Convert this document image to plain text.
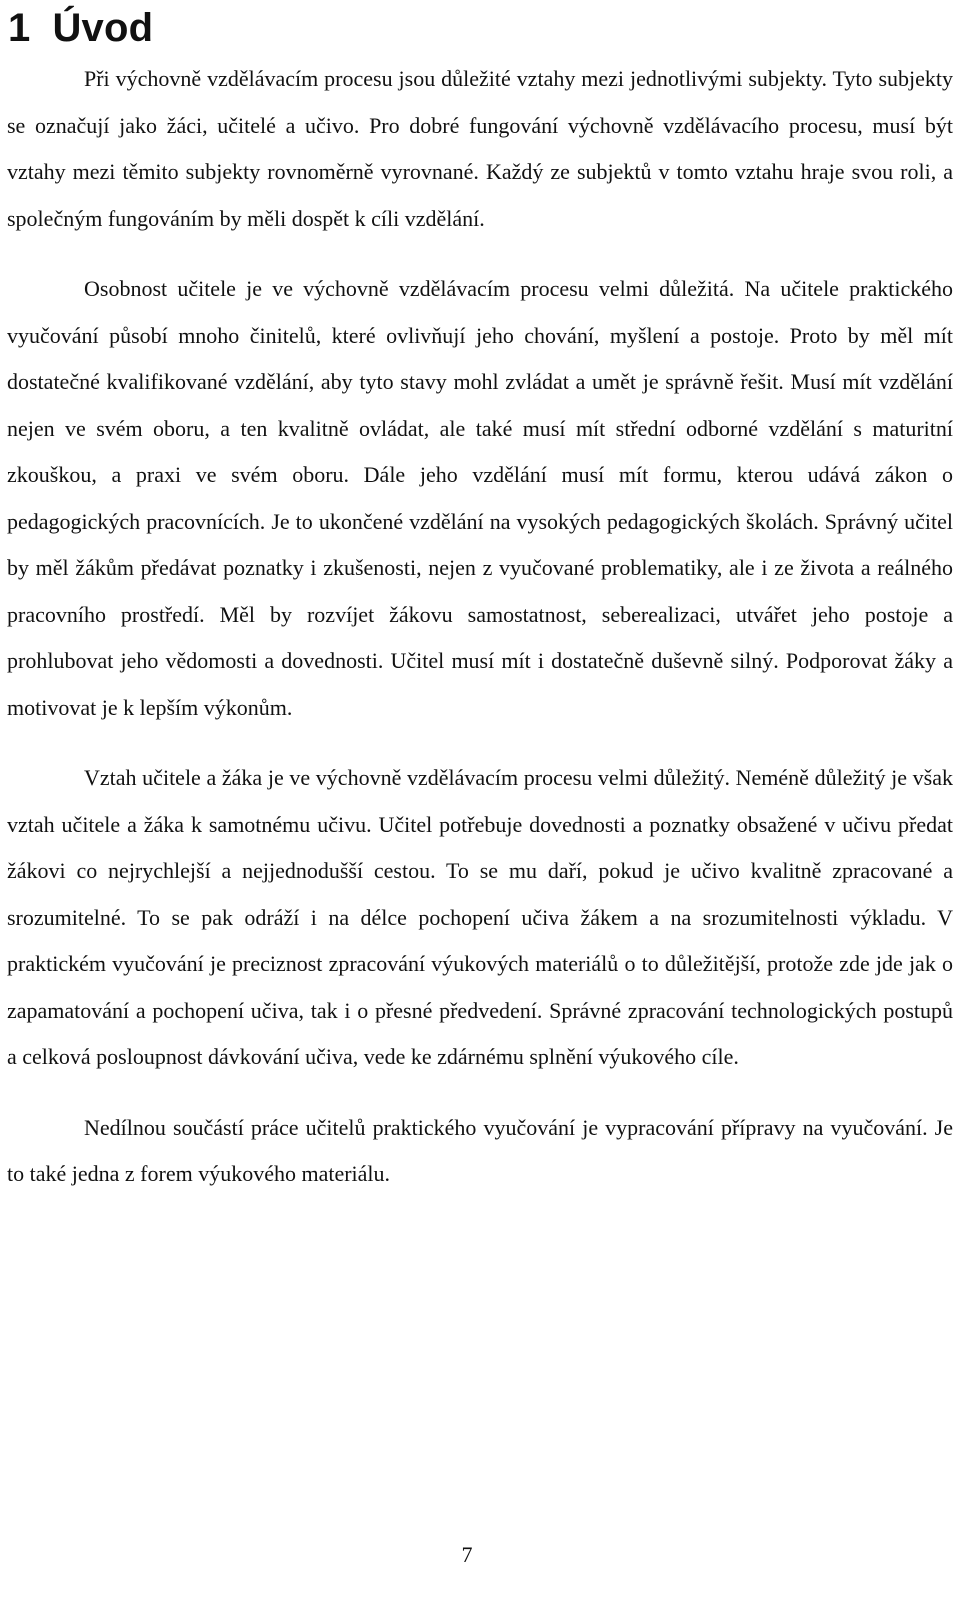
1 Úvod

Při výchovně vzdělávacím procesu jsou důležité vztahy mezi jednotlivými subjekty. Tyto subjekty se označují jako žáci, učitelé a učivo. Pro dobré fungování výchovně vzdělávacího procesu, musí být vztahy mezi těmito subjekty rovnoměrně vyrovnané. Každý ze subjektů v tomto vztahu hraje svou roli, a společným fungováním by měli dospět k cíli vzdělání.

Osobnost učitele je ve výchovně vzdělávacím procesu velmi důležitá. Na učitele praktického vyučování působí mnoho činitelů, které ovlivňují jeho chování, myšlení a postoje. Proto by měl mít dostatečné kvalifikované vzdělání, aby tyto stavy mohl zvládat a umět je správně řešit. Musí mít vzdělání nejen ve svém oboru, a ten kvalitně ovládat, ale také musí mít střední odborné vzdělání s maturitní zkouškou, a praxi ve svém oboru. Dále jeho vzdělání musí mít formu, kterou udává zákon o pedagogických pracovnících. Je to ukončené vzdělání na vysokých pedagogických školách. Správný učitel by měl žákům předávat poznatky i zkušenosti, nejen z vyučované problematiky, ale i ze života a reálného pracovního prostředí. Měl by rozvíjet žákovu samostatnost, seberealizaci, utvářet jeho postoje a prohlubovat jeho vědomosti a dovednosti. Učitel musí mít i dostatečně duševně silný. Podporovat žáky a motivovat je k lepším výkonům.

Vztah učitele a žáka je ve výchovně vzdělávacím procesu velmi důležitý. Neméně důležitý je však vztah učitele a žáka k samotnému učivu. Učitel potřebuje dovednosti a poznatky obsažené v učivu předat žákovi co nejrychlejší a nejjednodušší cestou. To se mu daří, pokud je učivo kvalitně zpracované a srozumitelné. To se pak odráží i na délce pochopení učiva žákem a na srozumitelnosti výkladu. V praktickém vyučování je preciznost zpracování výukových materiálů o to důležitější, protože zde jde jak o zapamatování a pochopení učiva, tak i o přesné předvedení. Správné zpracování technologických postupů a celková posloupnost dávkování učiva, vede ke zdárnému splnění výukového cíle.

Nedílnou součástí práce učitelů praktického vyučování je vypracování přípravy na vyučování. Je to také jedna z forem výukového materiálu.

7
